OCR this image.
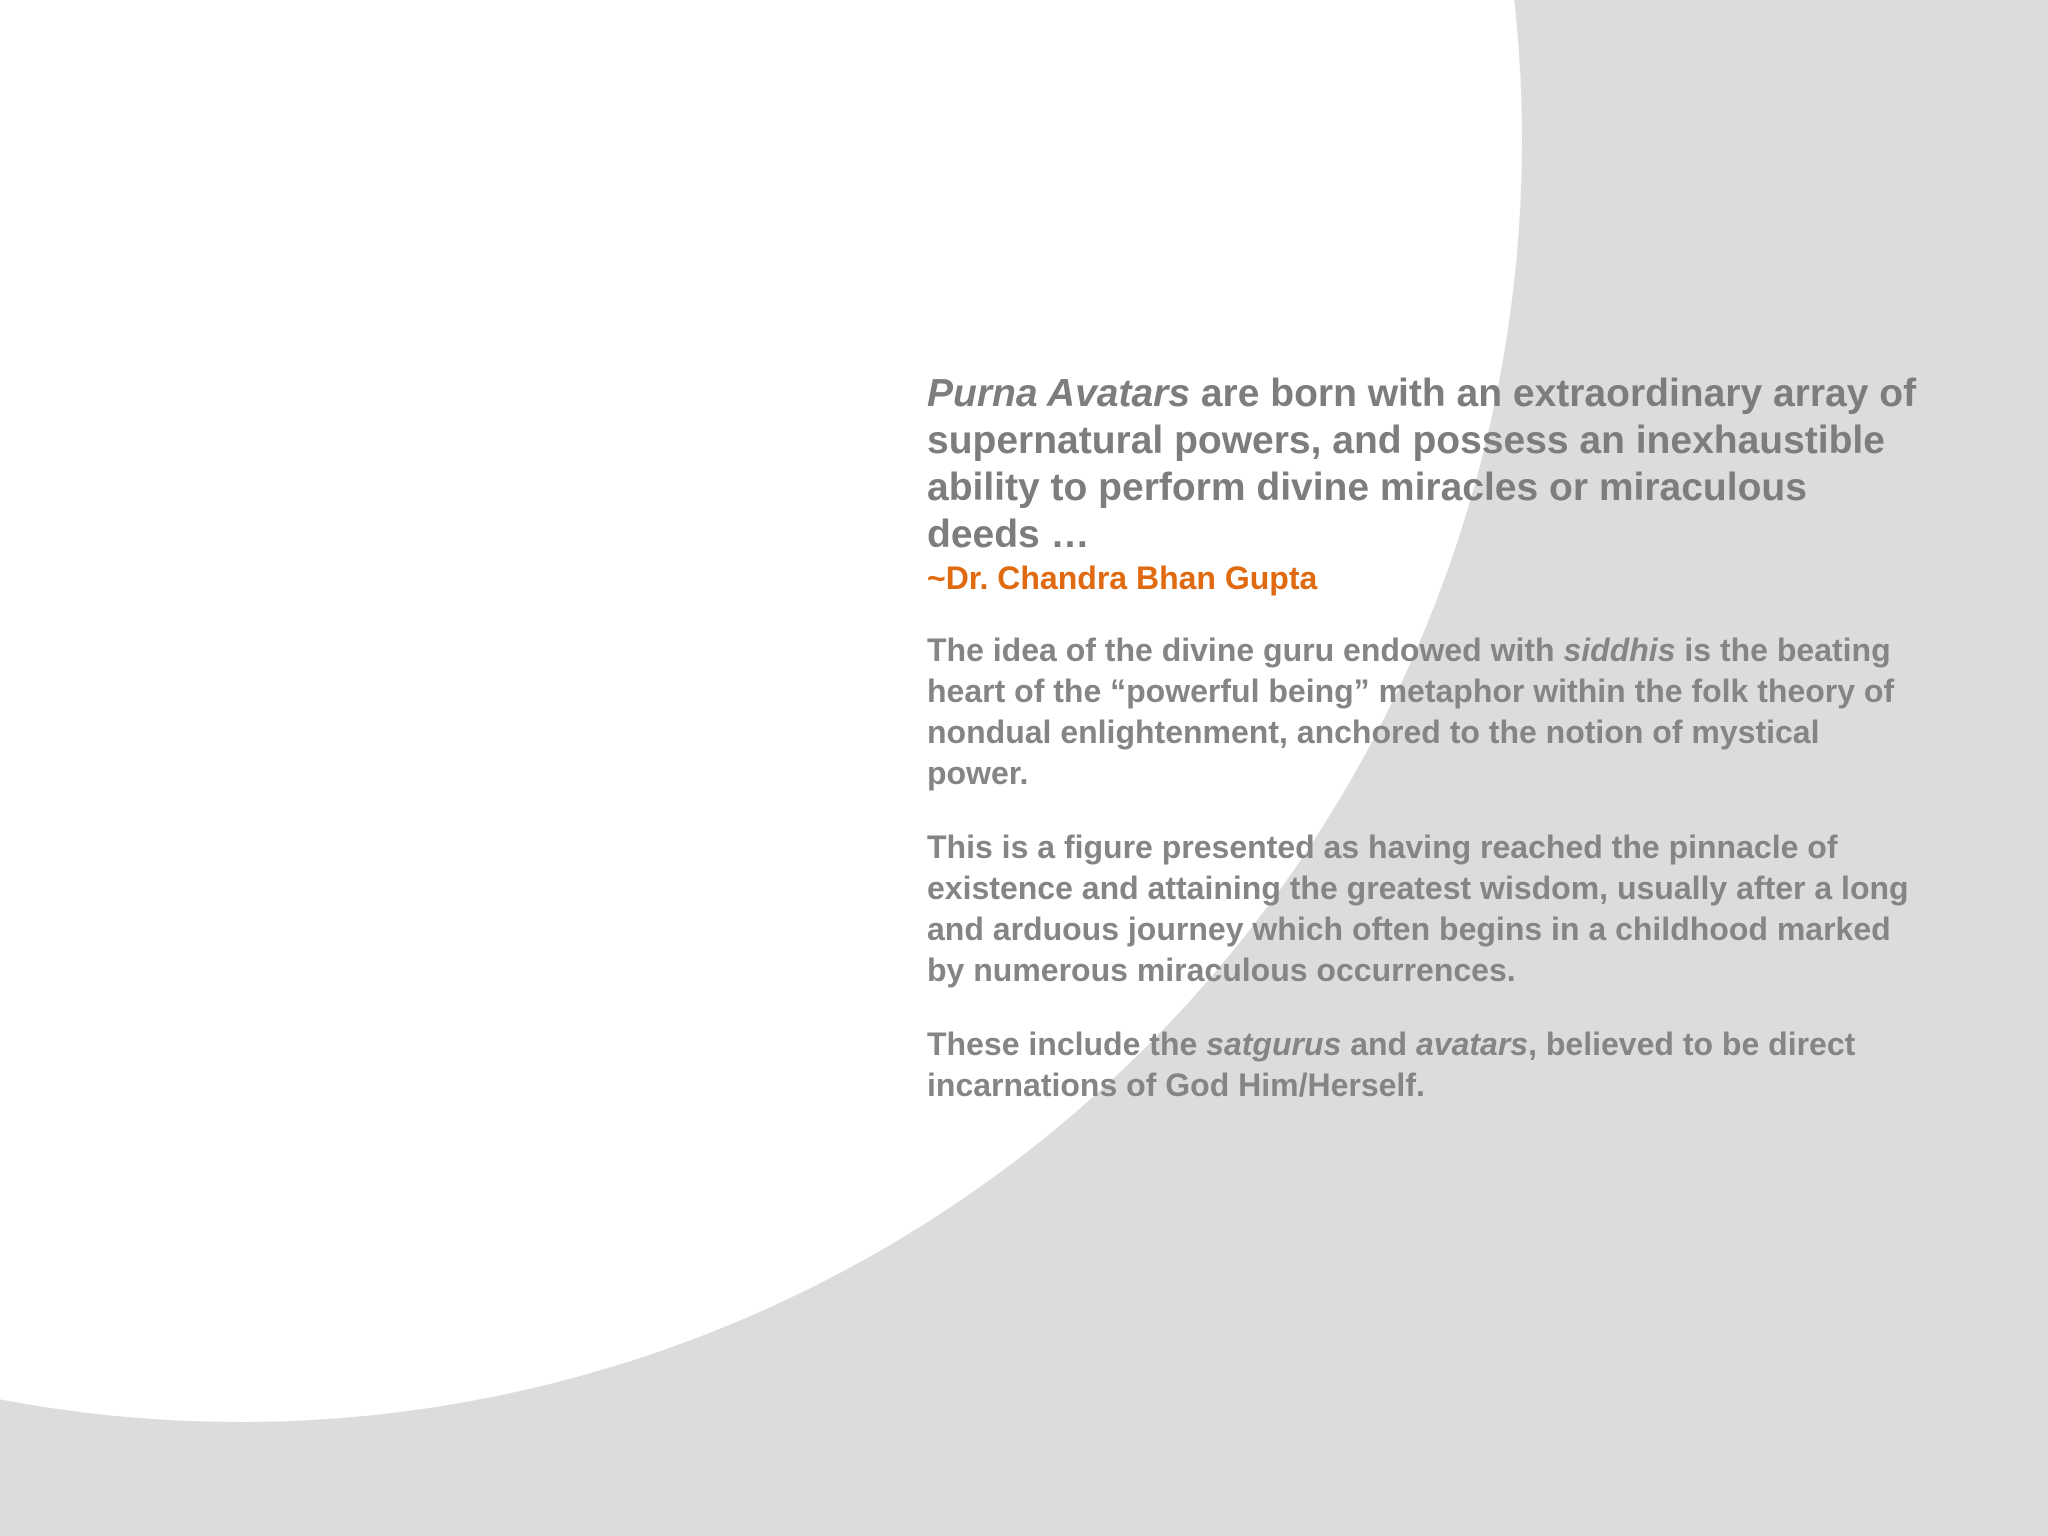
Purna Avatars are born with an extraordinary array of supernatural powers, and possess an inexhaustible ability to perform divine miracles or miraculous deeds …

~Dr. Chandra Bhan Gupta

The idea of the divine guru endowed with siddhis is the beating heart of the “powerful being” metaphor within the folk theory of nondual enlightenment, anchored to the notion of mystical power.

This is a figure presented as having reached the pinnacle of existence and attaining the greatest wisdom, usually after a long and arduous journey which often begins in a childhood marked by numerous miraculous occurrences.

These include the satgurus and avatars, believed to be direct incarnations of God Him/Herself.
